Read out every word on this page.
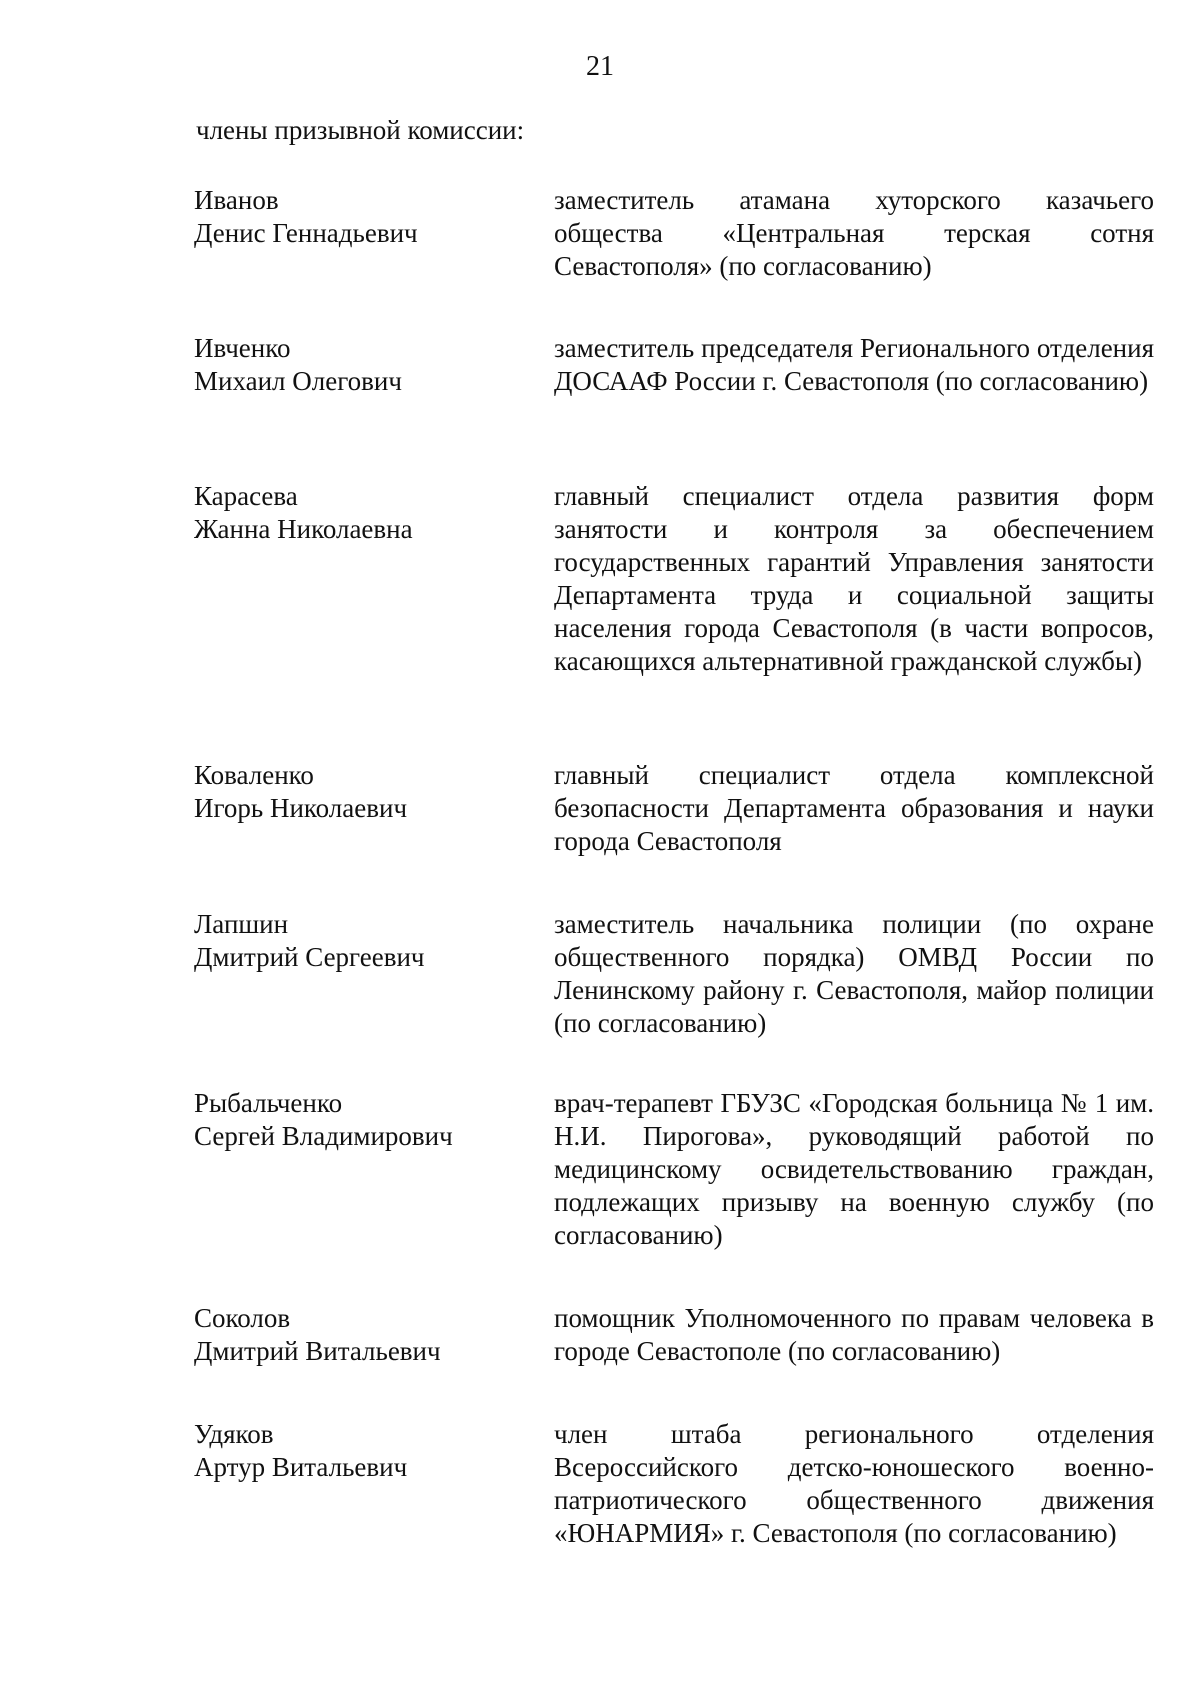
21
члены призывной комиссии:
Иванов
Денис Геннадьевич
заместитель атамана хуторского казачьего общества «Центральная терская сотня Севастополя» (по согласованию)
Ивченко
Михаил Олегович
заместитель председателя Регионального отделения ДОСААФ России г. Севастополя (по согласованию)
Карасева
Жанна Николаевна
главный специалист отдела развития форм занятости и контроля за обеспечением государственных гарантий Управления занятости Департамента труда и социальной защиты населения города Севастополя (в части вопросов, касающихся альтернативной гражданской службы)
Коваленко
Игорь Николаевич
главный специалист отдела комплексной безопасности Департамента образования и науки города Севастополя
Лапшин
Дмитрий Сергеевич
заместитель начальника полиции (по охране общественного порядка) ОМВД России по Ленинскому району г. Севастополя, майор полиции (по согласованию)
Рыбальченко
Сергей Владимирович
врач-терапевт ГБУЗС «Городская больница № 1 им. Н.И. Пирогова», руководящий работой по медицинскому освидетельствованию граждан, подлежащих призыву на военную службу (по согласованию)
Соколов
Дмитрий Витальевич
помощник Уполномоченного по правам человека в городе Севастополе (по согласованию)
Удяков
Артур Витальевич
член штаба регионального отделения Всероссийского детско-юношеского военно-патриотического общественного движения «ЮНАРМИЯ» г. Севастополя (по согласованию)
